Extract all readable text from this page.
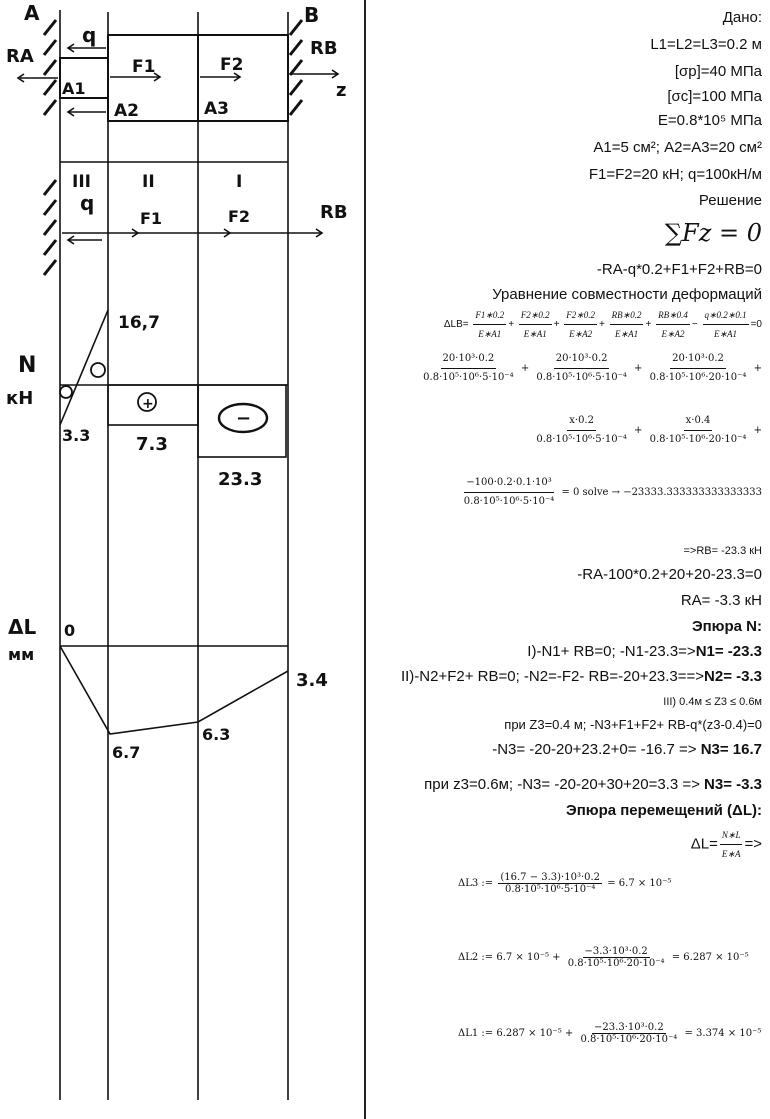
A	B
RA	RB
z
q
F1	F2
A1
A2	A3
III	II	I
q
F1	F2	RB
N
кН
16,7
3.3	7.3
23.3
+
−
ΔL
мм
0
6.7
6.3
3.4
Дано:
L1=L2=L3=0.2 м
[σр]=40 МПа
[σс]=100 МПа
E=0.8*10⁵ МПа
A1=5 см²; A2=A3=20 см²
F1=F2=20 кН; q=100кН/м
Решение
∑Fz = 0
-RA-q*0.2+F1+F2+RB=0
Уравнение совместности деформаций
$\Delta LB= \frac{F1∗0.2}{E∗A1} + \frac{F2∗0.2}{E∗A1} + \frac{F2∗0.2}{E∗A2} + \frac{RB∗0.2}{E∗A1} + \frac{RB∗0.4}{E∗A2} - \frac{q∗0.2∗0.1}{E∗A1} =0$
$\frac{\text{20·10³·0.2}}{\text{0.8·10⁵·10⁶·5·10⁻⁴}} + \frac{\text{20·10³·0.2}}{\text{0.8·10⁵·10⁶·5·10⁻⁴}} + \frac{\text{20·10³·0.2}}{\text{0.8·10⁵·10⁶·20·10⁻⁴}}$ +
$\frac{x\cdot 0.2}{\text{0.8·10⁵·10⁶·5·10⁻⁴}} + \frac{x\cdot 0.4}{\text{0.8·10⁵·10⁶·20·10⁻⁴}}$ +
$\frac{\text{−100·0.2·0.1·10³}}{\text{0.8·10⁵·10⁶·5·10⁻⁴}} = 0$ solve → −23333.333333333333333
=>RB= -23.3 кН
-RA-100*0.2+20+20-23.3=0
RA= -3.3 кН
Эпюра N:
I)-N1+ RB=0; -N1-23.3=>N1= -23.3
II)-N2+F2+ RB=0; -N2=-F2- RB=-20+23.3==>N2= -3.3
III) 0.4м ≤ Z3 ≤ 0.6м
при Z3=0.4 м; -N3+F1+F2+ RB-q*(z3-0.4)=0
-N3= -20-20+23.2+0= -16.7 => N3= 16.7
при z3=0.6м; -N3= -20-20+30+20=3.3 => N3= -3.3
Эпюра перемещений (ΔL):
$\Delta L= \frac{N∗L}{E∗A}$ =>
ΔL3 := $\frac{\text{(16.7 − 3.3)·10³·0.2}}{\text{0.8·10⁵·10⁶·5·10⁻⁴}} = 6.7 \times 10^{-5}$
ΔL2 := $6.7 \times 10^{-5} + \frac{\text{−3.3·10³·0.2}}{\text{0.8·10⁵·10⁶·20·10⁻⁴}} = 6.287 \times 10^{-5}$
ΔL1 := $6.287 \times 10^{-5} + \frac{\text{−23.3·10³·0.2}}{\text{0.8·10⁵·10⁶·20·10⁻⁴}} = 3.374 \times 10^{-5}$
